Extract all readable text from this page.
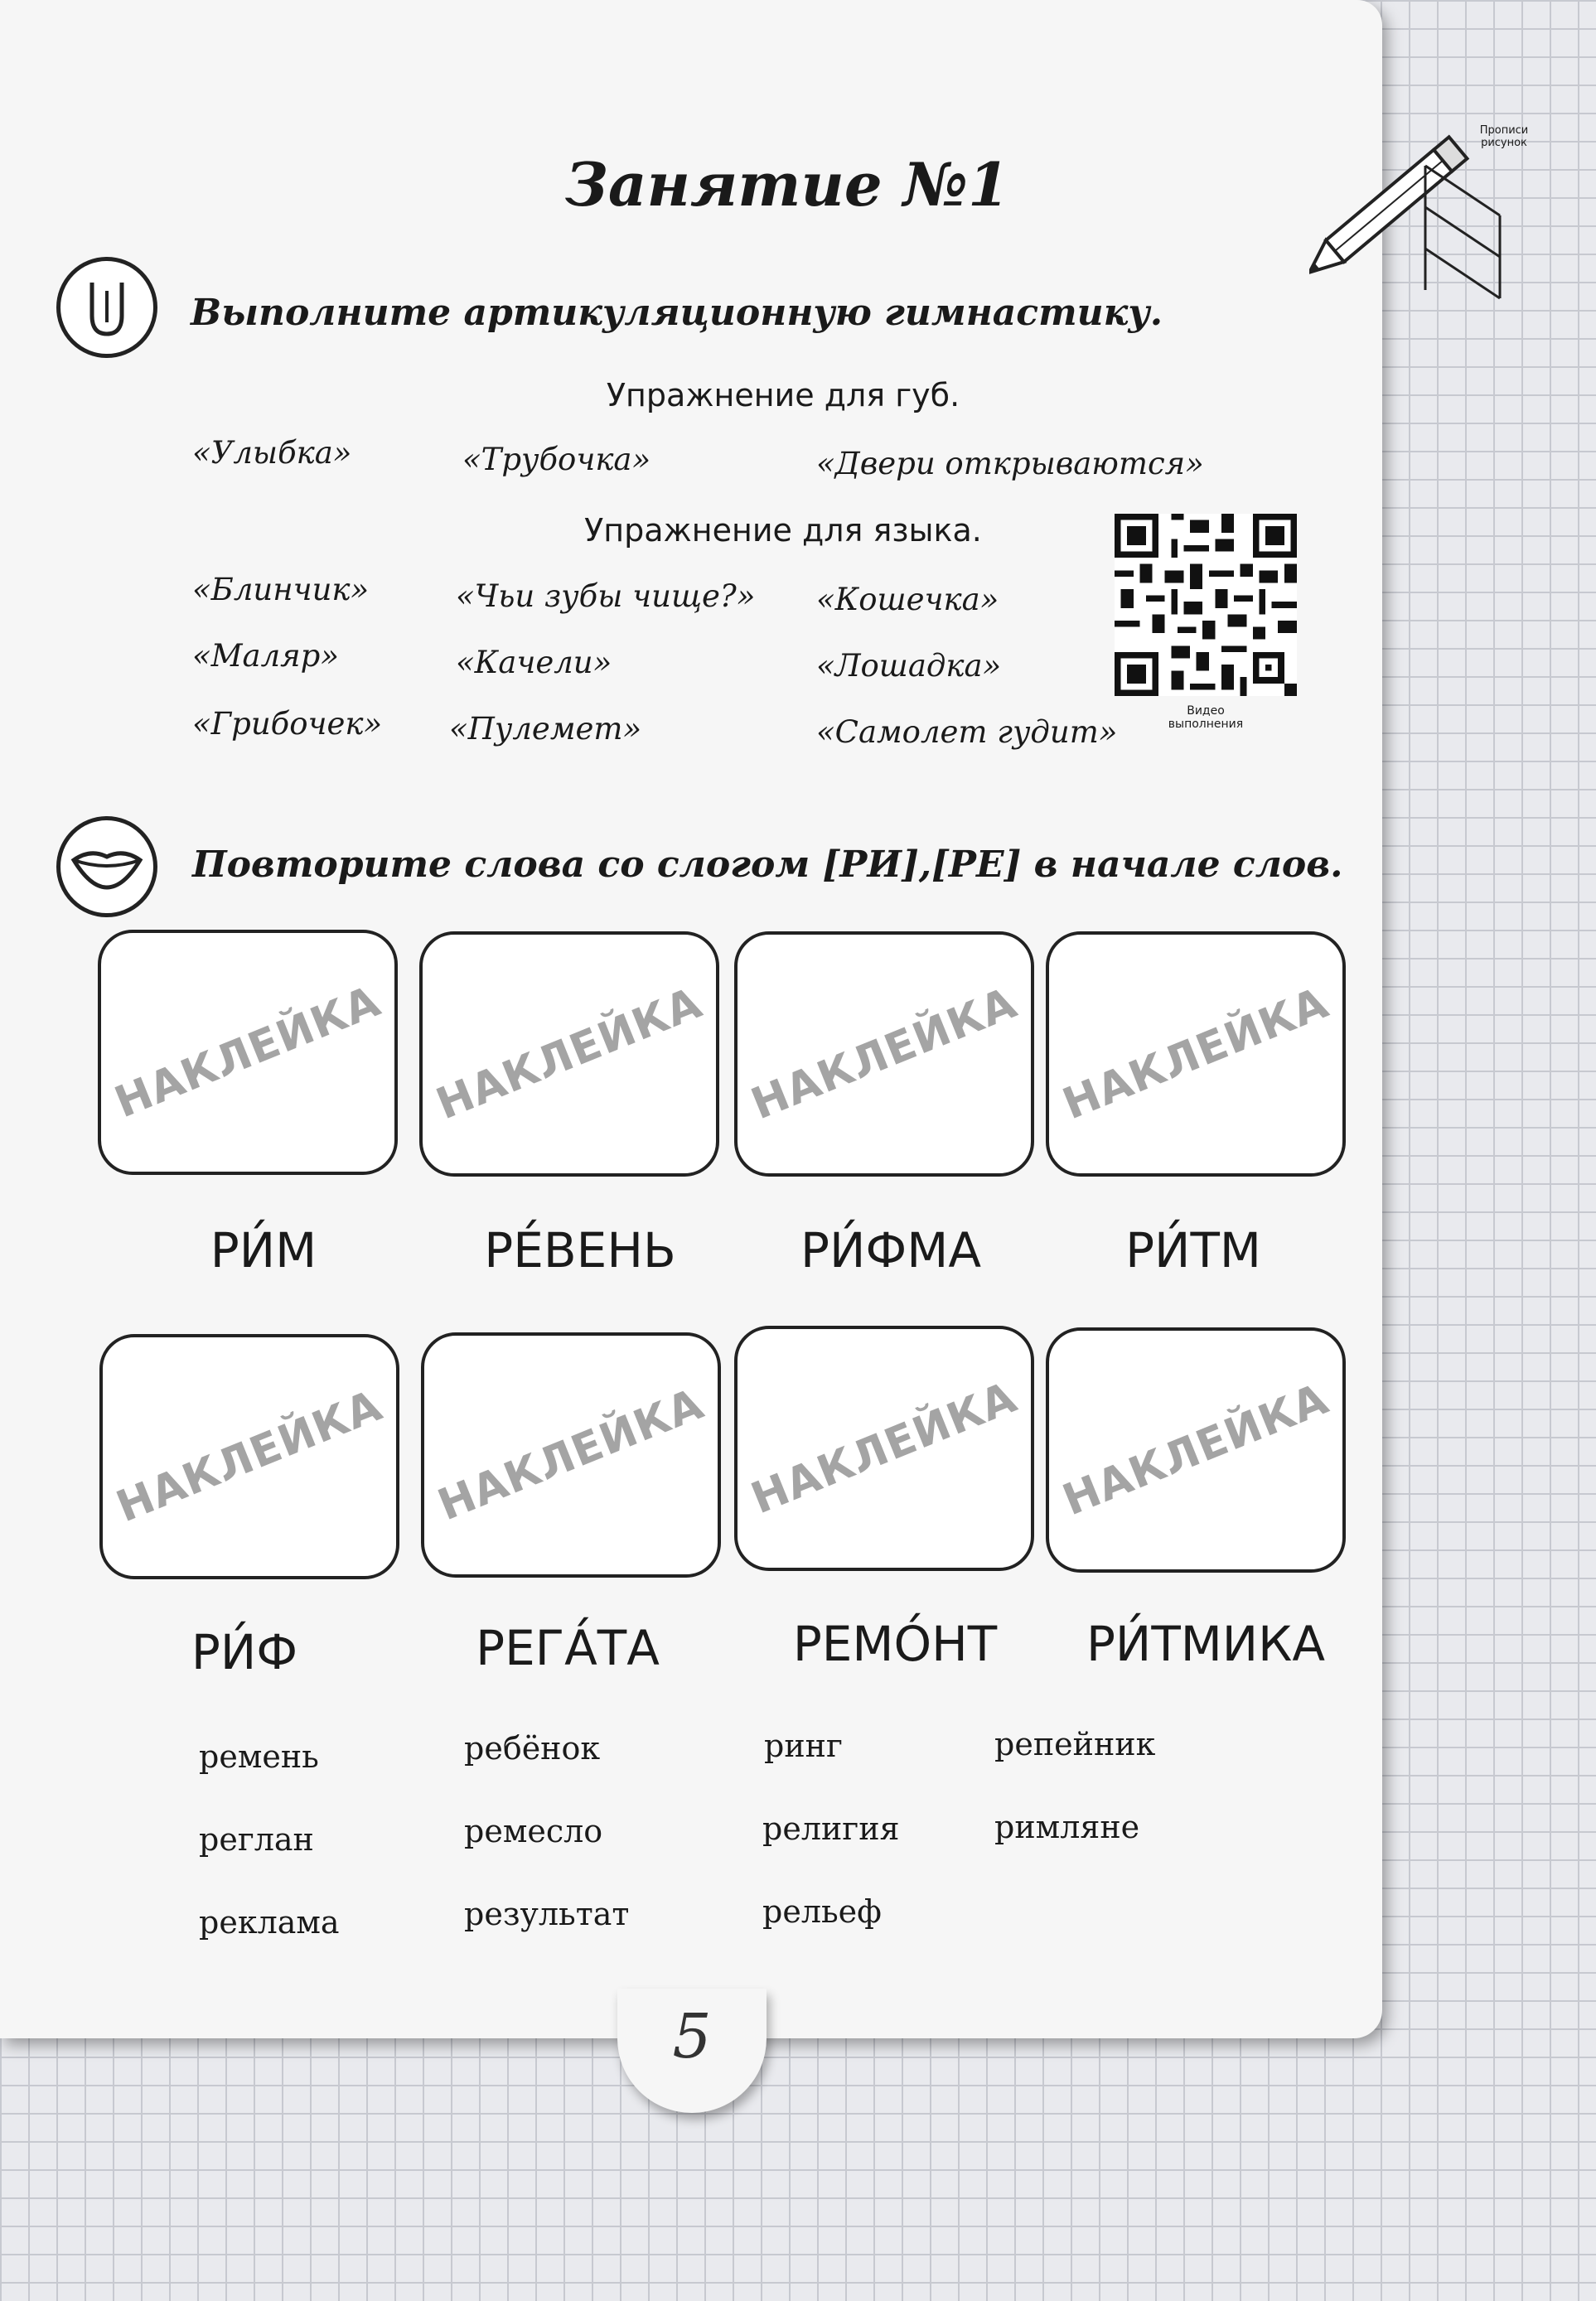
5
Прописи рисунок
Занятие №1
Выполните артикуляционную гимнастику.
Упражнение для губ.
«Улыбка»	«Трубочка»	«Двери открываются»
Упражнение для языка.
«Блинчик»	«Чьи зубы чище?» «Кошечка»
«Маляр»	«Качели»	«Лошадка»
«Грибочек» «Пулемет»	«Самолет гудит»
Видео выполнения
Повторите слова со слогом [РИ],[РЕ] в начале слов.
НАКЛЕЙКА НАКЛЕЙКА НАКЛЕЙКА НАКЛЕЙКА
РИ́М	РЕ́ВЕНЬ	РИ́ФМА	РИ́ТМ
НАКЛЕЙКА НАКЛЕЙКА НАКЛЕЙКА НАКЛЕЙКА
РИ́Ф	РЕГА́ТА	РЕМО́НТ	РИ́ТМИКА
ремень	ребёнок	ринг	репейник
реглан	ремесло	религия	римляне
реклама	результат	рельеф
